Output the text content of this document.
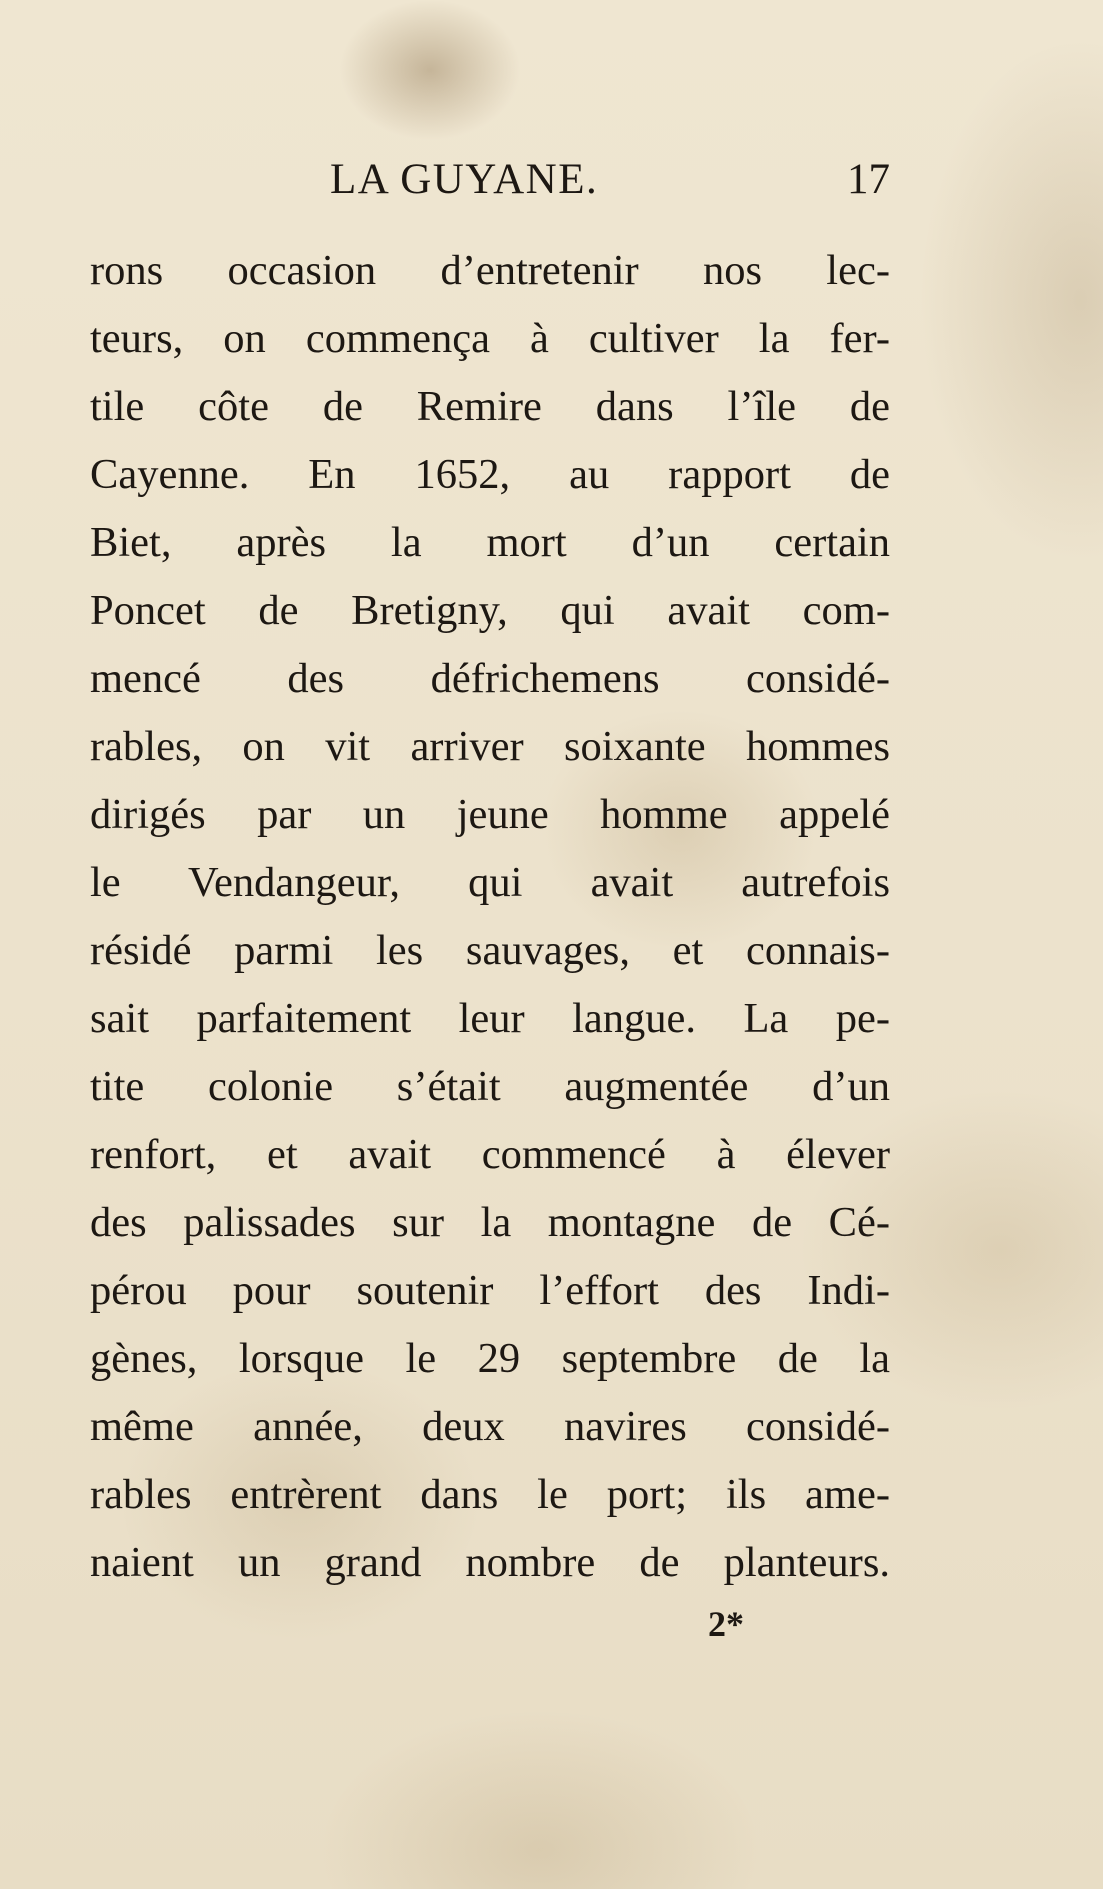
LA GUYANE.	17
rons occasion d’entretenir nos lec-
teurs, on commença à cultiver la fer-
tile côte de Remire dans l’île de
Cayenne. En 1652, au rapport de
Biet, après la mort d’un certain
Poncet de Bretigny, qui avait com-
mencé des défrichemens considé-
rables, on vit arriver soixante hommes
dirigés par un jeune homme appelé
le Vendangeur, qui avait autrefois
résidé parmi les sauvages, et connais-
sait parfaitement leur langue. La pe-
tite colonie s’était augmentée d’un
renfort, et avait commencé à élever
des palissades sur la montagne de Cé-
pérou pour soutenir l’effort des Indi-
gènes, lorsque le 29 septembre de la
même année, deux navires considé-
rables entrèrent dans le port; ils ame-
naient un grand nombre de planteurs.
2*
